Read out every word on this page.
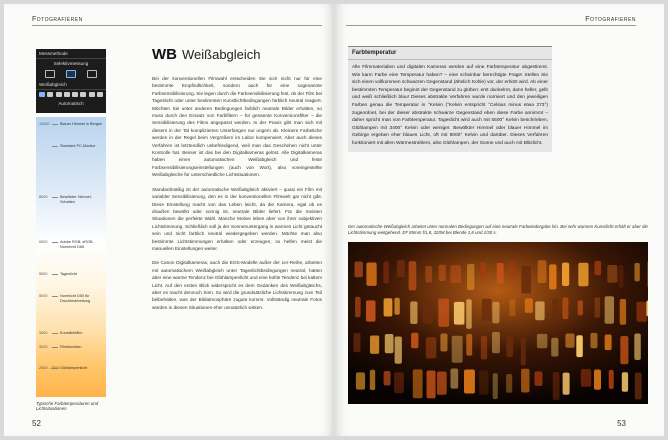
Fotografieren
Messmethode
Selektivmessung
Weißabgleich
Automatisch
10000	Blauer Himmel in Bergen
Standard PC-Monitor
8000	Bewölkter Himmel, Schatten
6500	Adobe RGB, sRGB, Normlicht D65
5500	Tageslicht
5000	Normlicht D50 für Druckbearbeitung
3400	Kunstlichtfilm
3200	Filmleuchten
2500 - 2000 Glühlampenlicht
Typische Farbtemperaturen und Lichtsituationen
WB Weißabgleich

Bei der konventionellen Filmwahl entscheiden Sie sich nicht nur für eine bestimmte Empfindlichkeit, sondern auch für eine sogenannte Farbsensibilisierung. Sie legen durch die Farbsensibilisierung fest, ob der Film bei Tageslicht oder unter bestimmten Kunstlichtbedingungen farblich neutral reagiert. Möchten Sie unter anderen Bedingungen farblich neutrale Bilder erhalten, so muss durch den Einsatz von Farbfiltern – für genannte Konversionsfilter – die Sensibilisierung des Films angepasst werden. In der Praxis gibt man sich mit diesem in der Tat komplizierten Unterfangen nur ungern ab. Kleinere Farbstiche werden in der Regel beim Vergrößern im Labor kompensiert. Aber auch dieses Verfahren ist letztendlich unbefriedigend, weil man das Geschehen nicht unter Kontrolle hat. Besser ist das bei den Digitalkameras gelöst. Alle Digitalkameras haben einen automatischen Weißabgleich und feste Farbsensibilisierungseinstellungen (auch von Wort), also voreingestellte Weißabgleiche für unterschiedliche Lichtsituationen.

Standardmäßig ist der automatische Weißabgleich aktiviert – quasi ein Film mit variabler Sensibilisierung, den es in der konventionellen Filmwelt gar nicht gibt. Diese Einstellung macht von das Leben leicht, da die Kamera, egal ob es draußen bewölkt oder sonnig ist, neutrale Bilder liefert. Für die meisten Situationen die perfekte Wahl. Manche Motive leben aber von ihrer subjektiven Lichtstimmung. Schließlich soll ja der Sonnenuntergang in warmes Licht getaucht sein und nicht farblich neutral wiedergegeben werden. Möchte man also bestimmte Lichtstimmungen erhalten oder erzeugen, so helfen meist die manuellen Einstellungen weiter.

Die Canon Digitalkameras, auch die EOS-Modelle außer der 1er-Reihe, arbeiten mit automatischem Weißabgleich unter Tageslichtbedingungen neutral, hatten aber eine warme Tendenz bei Glühlampenlicht und eine kühle Tendenz bei kaltem Licht. Auf den ersten Blick widerspricht es dem Gedanken des Weißabgleichs, aber es macht dennoch Sinn. So wird die grundsätzliche Lichtstimmung zum Teil beibehalten, was der Bildatmosphäre zugute kommt. Vollständig neutrale Fotos würden in diesen Situationen eher unnatürlich wirken.

52
Fotografieren
Farbtemperatur
Alle Filmmaterialien und digitalen Kameras werden auf eine Farbtemperatur abgestimmt. Wie kann Farbe eine Temperatur haben? – eine scheinbar berechtigte Frage! Stellen Sie sich einen vollkommen schwarzen Gegenstand (ähnlich Kohle) vor, der erhitzt wird. Ab einer bestimmten Temperatur beginnt der Gegenstand zu glühen: erst dunkelrot, dann heller, gelb und weiß schließlich blau! Dieses abstrakte Verfahren wurde normiert und den jeweiligen Farben genau die Temperatur in °Kelvin (°Kelvin entspricht °Celsius minus etwa 273°) zugeordnet, bei der dieser abstrakte schwarze Gegenstand eben diese Farbe annimmt – daher spricht man von Farbtemperatur. Tageslicht wird auch mit 5500° Kelvin beschrieben, Glühlampen mit 3400° Kelvin oder weniger. Bewölkter Himmel oder blauer Himmel im Gebirge ergeben eher blaues Licht, oft mit 8000° Kelvin und darüber. Dieses Verfahren funktioniert mit allen Wärmestrahlern, also Glühlampen, der Sonne und auch mit Blitzlicht.
Der automatische Weißabgleich arbeitet unter normalen Bedingungen auf eine neutrale Farbwiedergabe hin. Bei sehr warmen Kunstlicht erhält er aber die Lichtstimmung weitgehend. EF 85mm f/1,8, 320M bei Blende 1,8 und 1/30 s.
53
